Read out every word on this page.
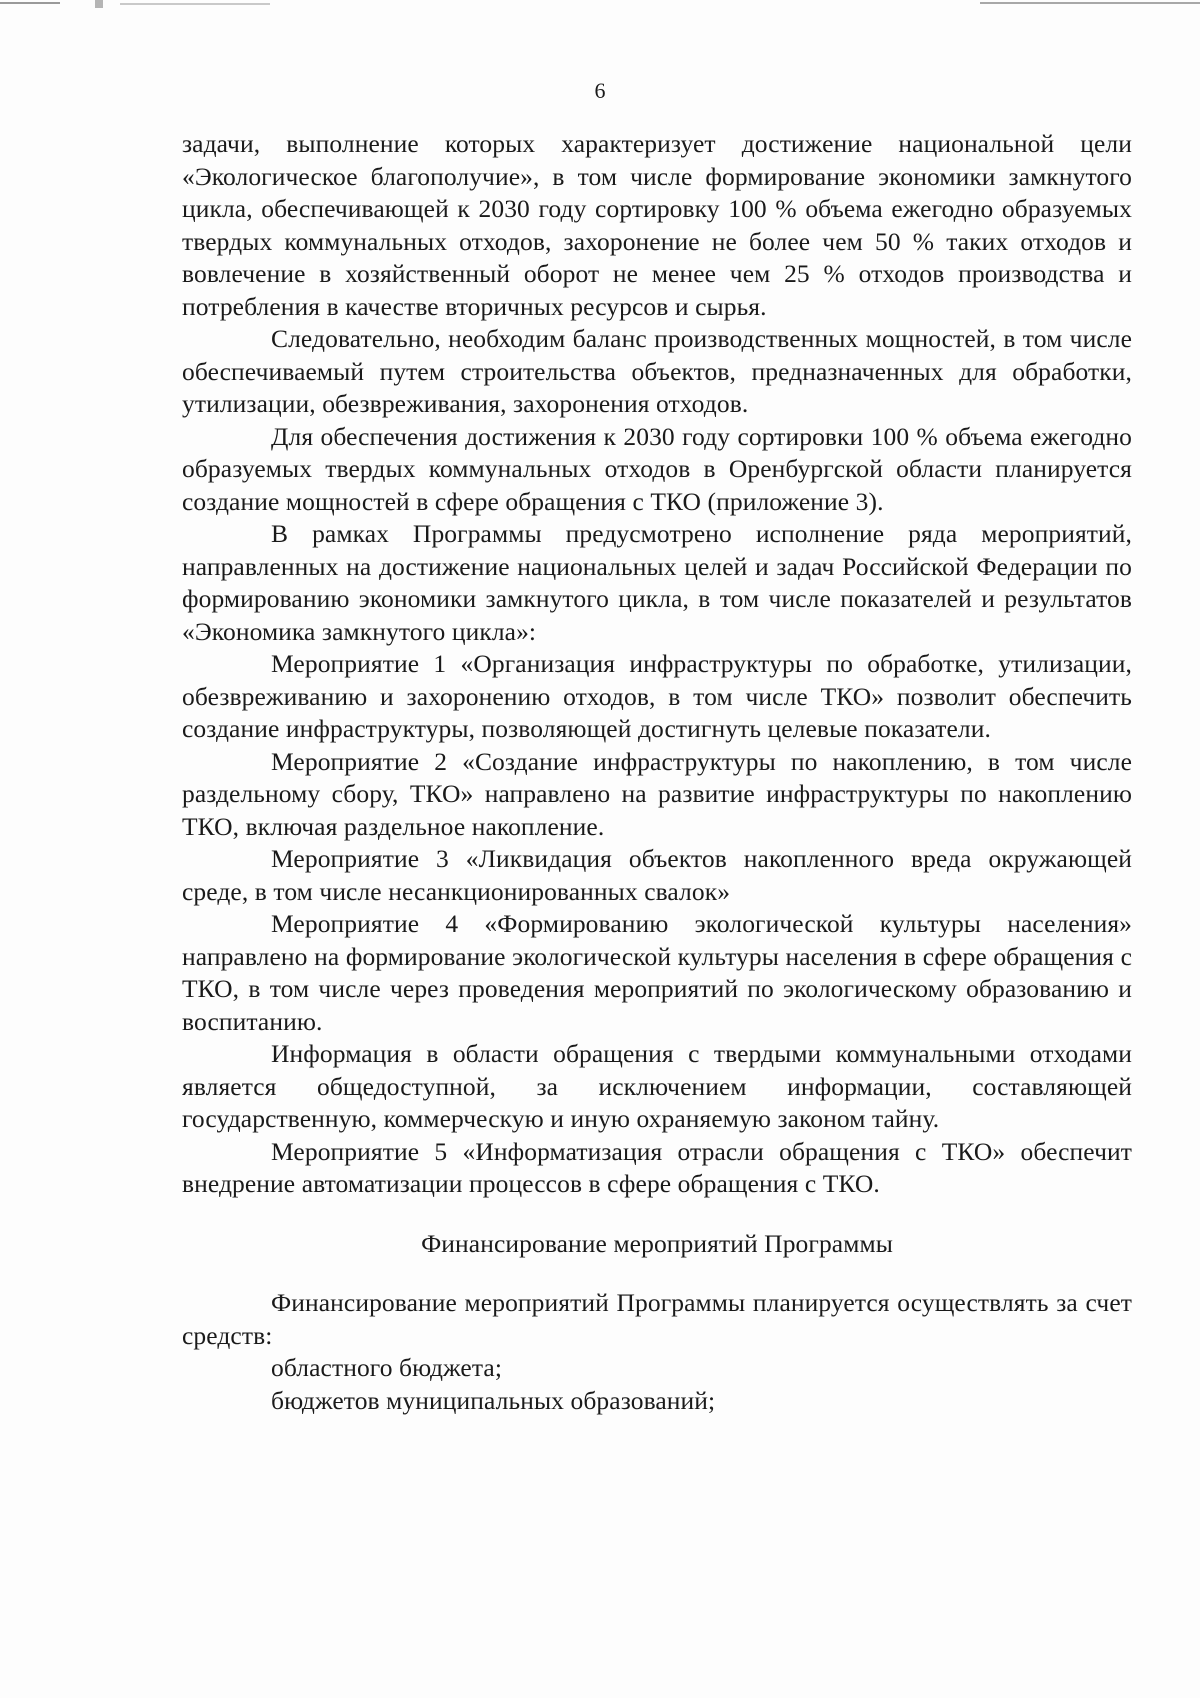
6

задачи, выполнение которых характеризует достижение национальной цели «Экологическое благополучие», в том числе формирование экономики замкнутого цикла, обеспечивающей к 2030 году сортировку 100 % объема ежегодно образуемых твердых коммунальных отходов, захоронение не более чем 50 % таких отходов и вовлечение в хозяйственный оборот не менее чем 25 % отходов производства и потребления в качестве вторичных ресурсов и сырья.

Следовательно, необходим баланс производственных мощностей, в том числе обеспечиваемый путем строительства объектов, предназначенных для обработки, утилизации, обезвреживания, захоронения отходов.

Для обеспечения достижения к 2030 году сортировки 100 % объема ежегодно образуемых твердых коммунальных отходов в Оренбургской области планируется создание мощностей в сфере обращения с ТКО (приложение 3).

В рамках Программы предусмотрено исполнение ряда мероприятий, направленных на достижение национальных целей и задач Российской Федерации по формированию экономики замкнутого цикла, в том числе показателей и результатов «Экономика замкнутого цикла»:

Мероприятие 1 «Организация инфраструктуры по обработке, утилизации, обезвреживанию и захоронению отходов, в том числе ТКО» позволит обеспечить создание инфраструктуры, позволяющей достигнуть целевые показатели.

Мероприятие 2 «Создание инфраструктуры по накоплению, в том числе раздельному сбору, ТКО» направлено на развитие инфраструктуры по накоплению ТКО, включая раздельное накопление.

Мероприятие 3 «Ликвидация объектов накопленного вреда окружающей среде, в том числе несанкционированных свалок»

Мероприятие 4 «Формированию экологической культуры населения» направлено на формирование экологической культуры населения в сфере обращения с ТКО, в том числе через проведения мероприятий по экологическому образованию и воспитанию.

Информация в области обращения с твердыми коммунальными отходами является общедоступной, за исключением информации, составляющей государственную, коммерческую и иную охраняемую законом тайну.

Мероприятие 5 «Информатизация отрасли обращения с ТКО» обеспечит внедрение автоматизации процессов в сфере обращения с ТКО.

Финансирование мероприятий Программы

Финансирование мероприятий Программы планируется осуществлять за счет средств:

областного бюджета;

бюджетов муниципальных образований;
